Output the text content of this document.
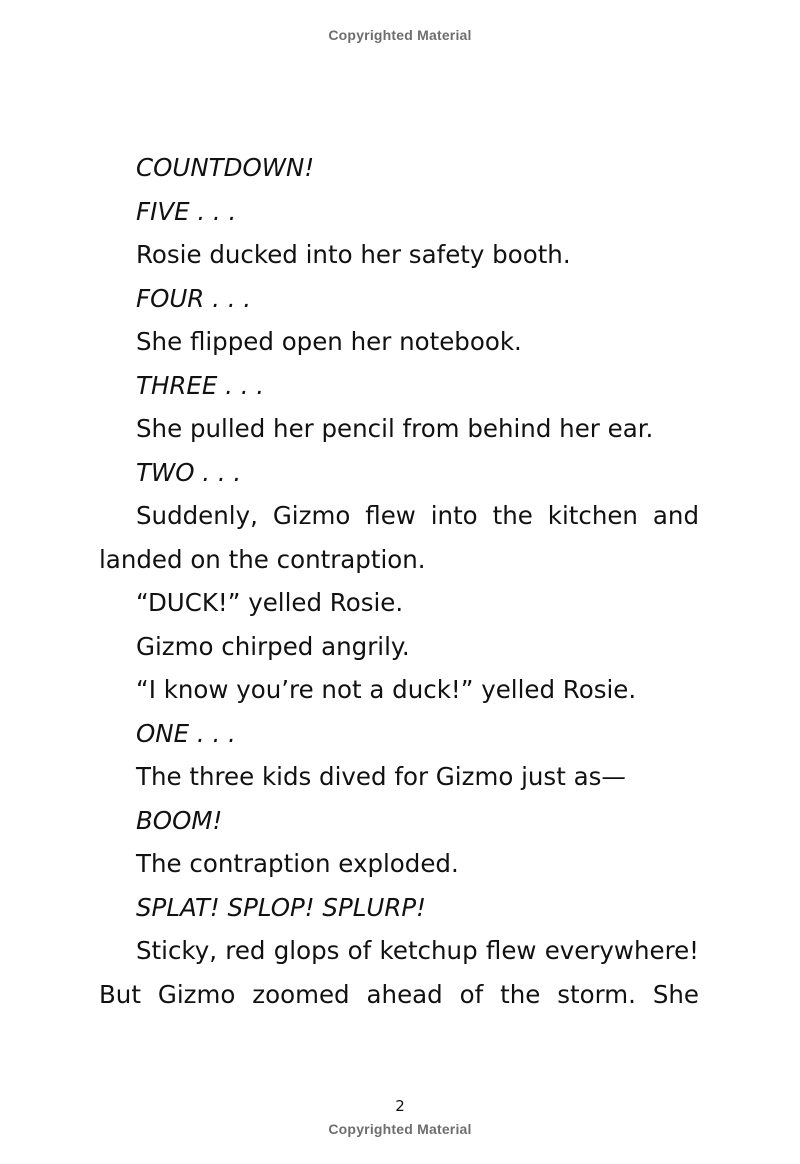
Copyrighted Material
COUNTDOWN!
FIVE . . .
Rosie ducked into her safety booth.
FOUR . . .
She flipped open her notebook.
THREE . . .
She pulled her pencil from behind her ear.
TWO . . .
Suddenly, Gizmo flew into the kitchen and
landed on the contraption.
“DUCK!” yelled Rosie.
Gizmo chirped angrily.
“I know you’re not a duck!” yelled Rosie.
ONE . . .
The three kids dived for Gizmo just as—
BOOM!
The contraption exploded.
SPLAT! SPLOP! SPLURP!
Sticky, red glops of ketchup flew everywhere!
But Gizmo zoomed ahead of the storm. She
2
Copyrighted Material
